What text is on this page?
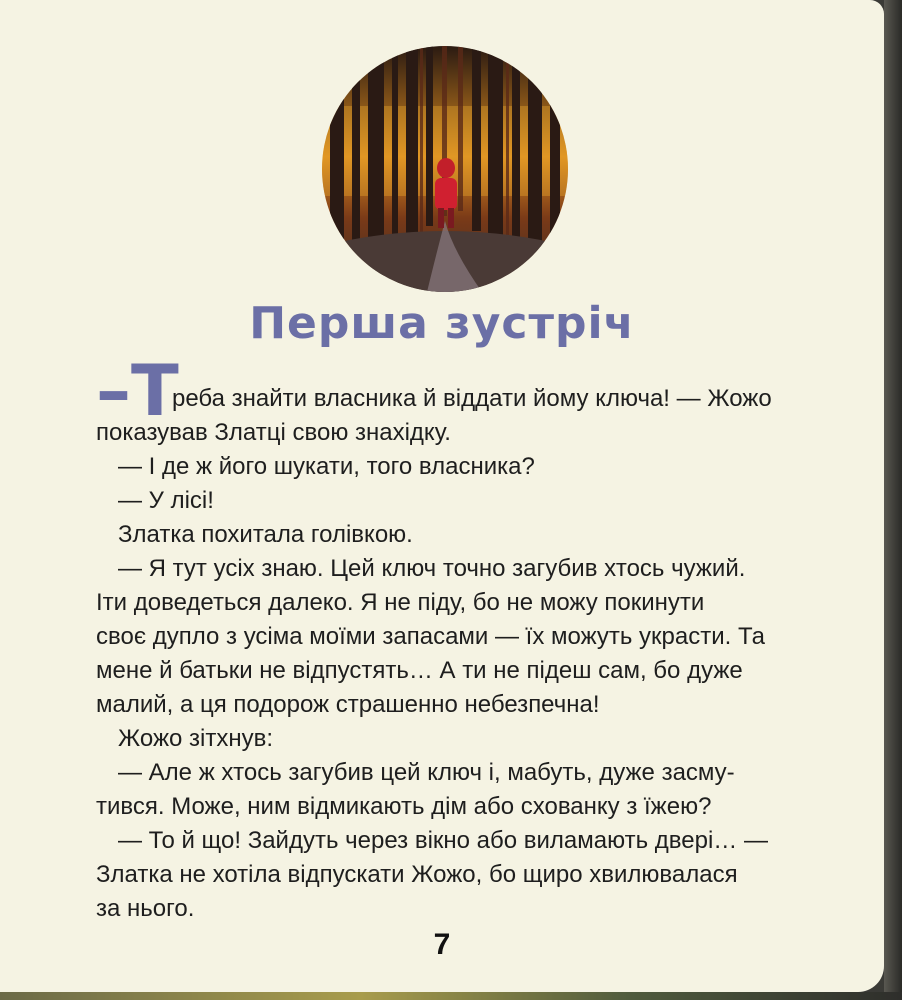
Перша зустріч
–Т
реба знайти власника й віддати йому ключа! — Жожо
показував Златці свою знахідку.
— І де ж його шукати, того власника?
— У лісі!
Златка похитала голівкою.
— Я тут усіх знаю. Цей ключ точно загубив хтось чужий.
Іти доведеться далеко. Я не піду, бо не можу покинути
своє дупло з усіма моїми запасами — їх можуть украсти. Та
мене й батьки не відпустять… А ти не підеш сам, бо дуже
малий, а ця подорож страшенно небезпечна!
Жожо зітхнув:
— Але ж хтось загубив цей ключ і, мабуть, дуже засму-
тився. Може, ним відмикають дім або схованку з їжею?
— То й що! Зайдуть через вікно або виламають двері… —
Златка не хотіла відпускати Жожо, бо щиро хвилювалася
за нього.
7
